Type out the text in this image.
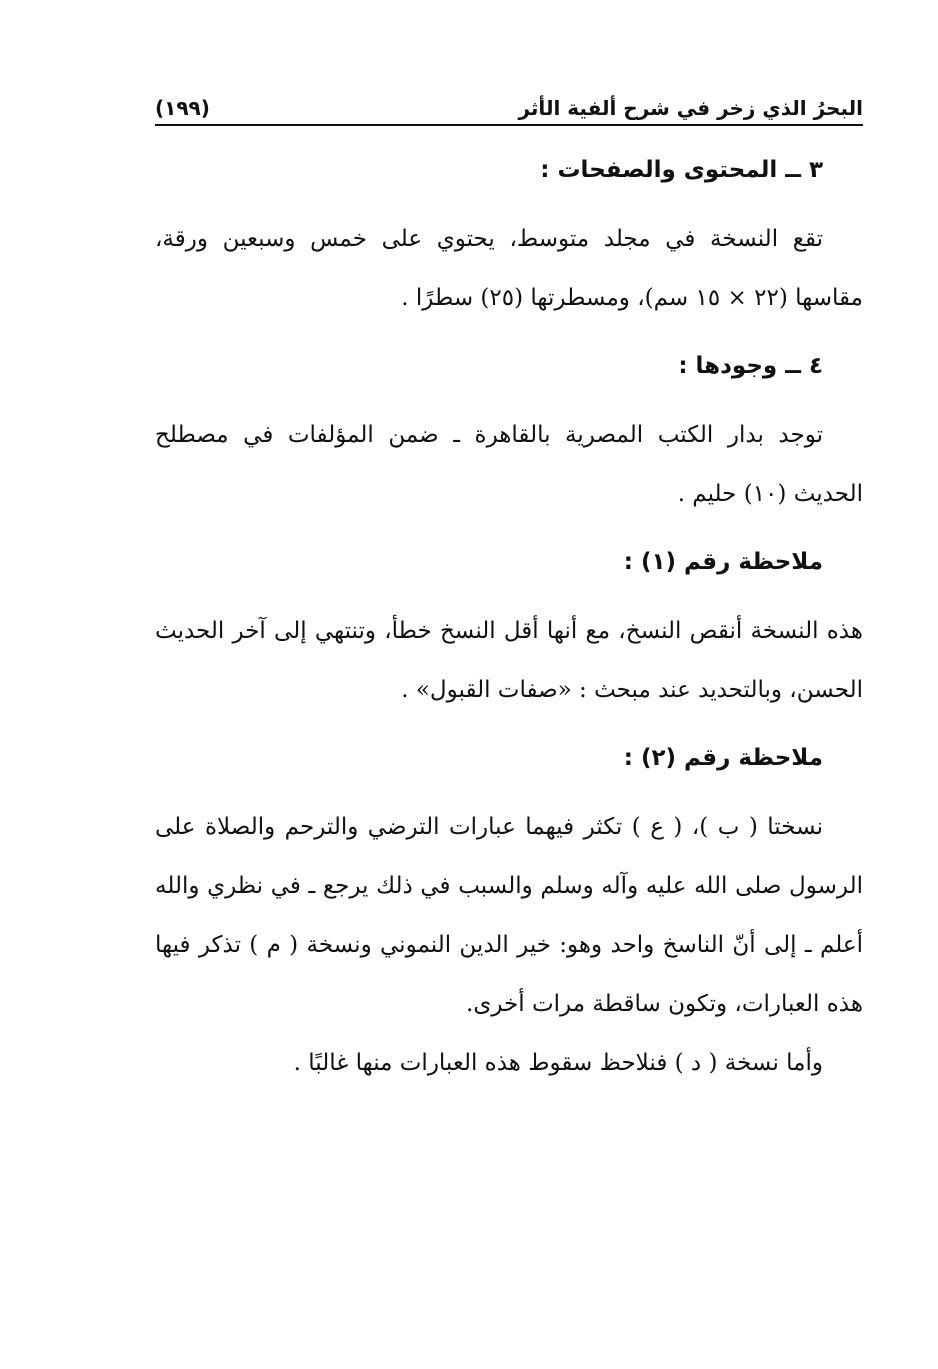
البحرُ الذي زخر في شرح ألفية الأثر
(١٩٩)
٣ ــ المحتوى والصفحات :

تقع النسخة في مجلد متوسط، يحتوي على خمس وسبعين ورقة، مقاسها (٢٢ × ١٥ سم)، ومسطرتها (٢٥) سطرًا .

٤ ــ وجودها :

توجد بدار الكتب المصرية بالقاهرة ـ ضمن المؤلفات في مصطلح الحديث (١٠) حليم .

ملاحظة رقم (١) :

هذه النسخة أنقص النسخ، مع أنها أقل النسخ خطأ، وتنتهي إلى آخر الحديث الحسن، وبالتحديد عند مبحث : «صفات القبول» .

ملاحظة رقم (٢) :

نسختا ( ب )، ( ع ) تكثر فيهما عبارات الترضي والترحم والصلاة على الرسول صلى الله عليه وآله وسلم والسبب في ذلك يرجع ـ في نظري والله أعلم ـ إلى أنّ الناسخ واحد وهو: خير الدين النموني ونسخة ( م ) تذكر فيها هذه العبارات، وتكون ساقطة مرات أخرى.

وأما نسخة ( د ) فنلاحظ سقوط هذه العبارات منها غالبًا .
